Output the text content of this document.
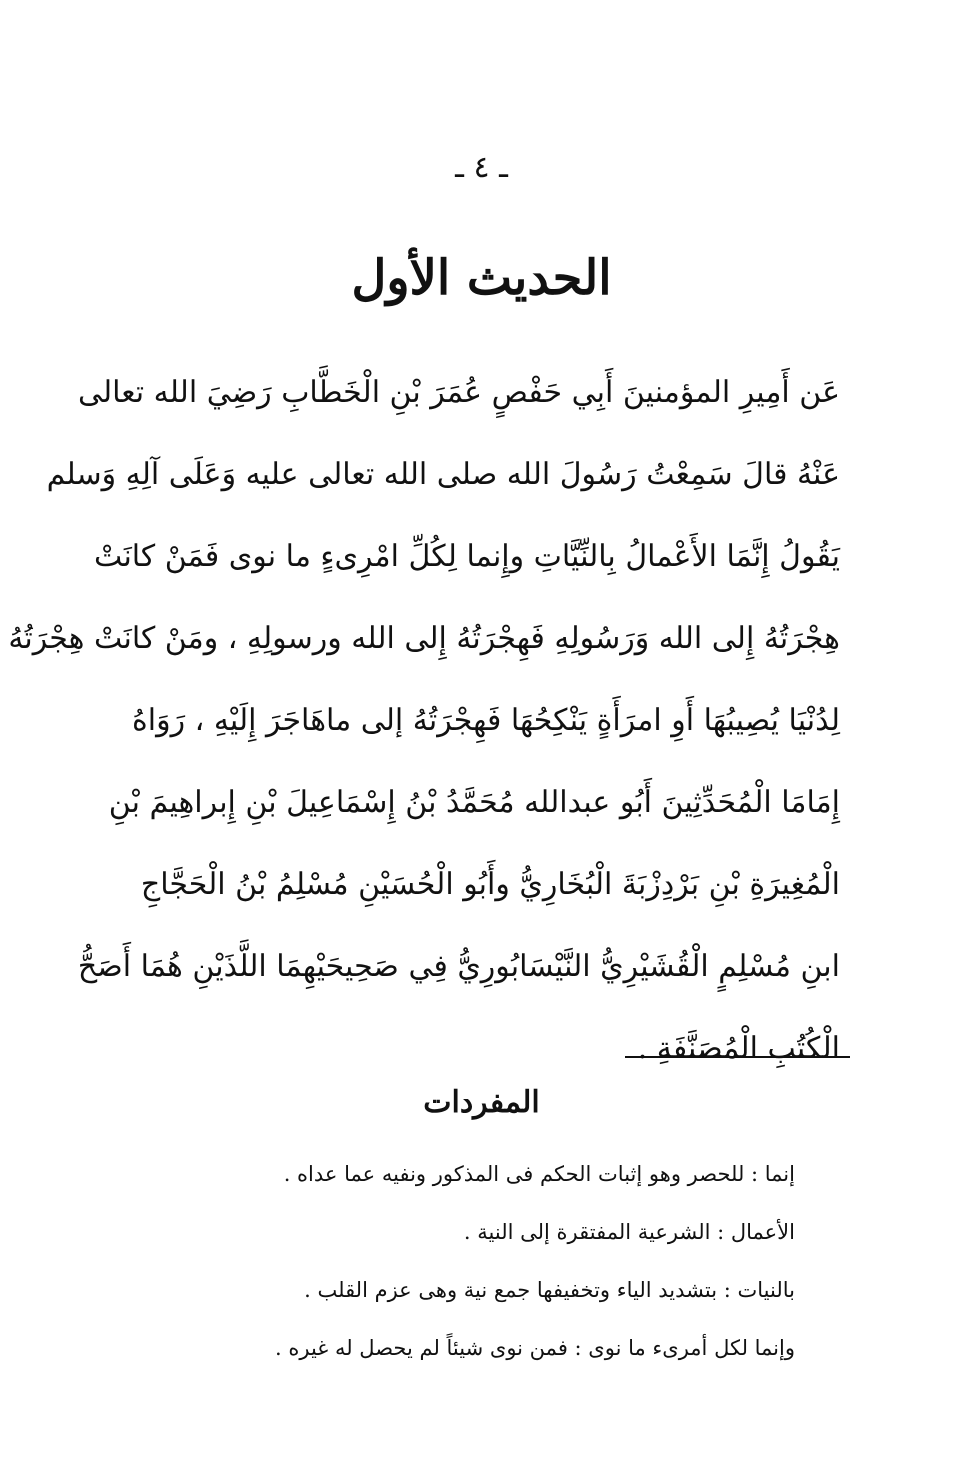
ـ ٤ ـ
الحديث الأول
عَن أَمِيرِ المؤمنينَ أَبِي حَفْصٍ عُمَرَ بْنِ الْخَطَّابِ رَضِيَ الله تعالى
عَنْهُ قالَ سَمِعْتُ رَسُولَ الله صلى الله تعالى عليه وَعَلَى آلِهِ وَسلم
يَقُولُ إِنَّمَا الأَعْمالُ بِالنِّيَّاتِ وإِنما لِكُلِّ امْرِىءٍ ما نوى فَمَنْ كانَتْ
هِجْرَتُهُ إِلى الله وَرَسُولِهِ فَهِجْرَتُهُ إِلى الله ورسولِهِ ، ومَنْ كانَتْ هِجْرَتُهُ
لِدُنْيَا يُصِيبُهَا أَوِ امرَأَةٍ يَنْكِحُهَا فَهِجْرَتُهُ إلى ماهَاجَرَ إِلَيْهِ ، رَوَاهُ
إِمَامَا الْمُحَدِّثِينَ أَبُو عبدالله مُحَمَّدُ بْنُ إِسْمَاعِيلَ بْنِ إِبراهِيمَ بْنِ
الْمُغِيرَةِ بْنِ بَرْدِزْبَةَ الْبُخَارِيُّ وأَبُو الْحُسَيْنِ مُسْلِمُ بْنُ الْحَجَّاجِ
ابنِ مُسْلِمٍ الْقُشَيْرِيُّ النَّيْسَابُورِيُّ فِي صَحِيحَيْهِمَا اللَّذَيْنِ هُمَا أَصَحُّ
الْكُتُبِ الْمُصَنَّفَةِ .
المفردات
إنما : للحصر وهو إثبات الحكم فى المذكور ونفيه عما عداه .
الأعمال : الشرعية المفتقرة إلى النية .
بالنيات : بتشديد الياء وتخفيفها جمع نية وهى عزم القلب .
وإنما لكل أمرىء ما نوى : فمن نوى شيئاً لم يحصل له غيره .
